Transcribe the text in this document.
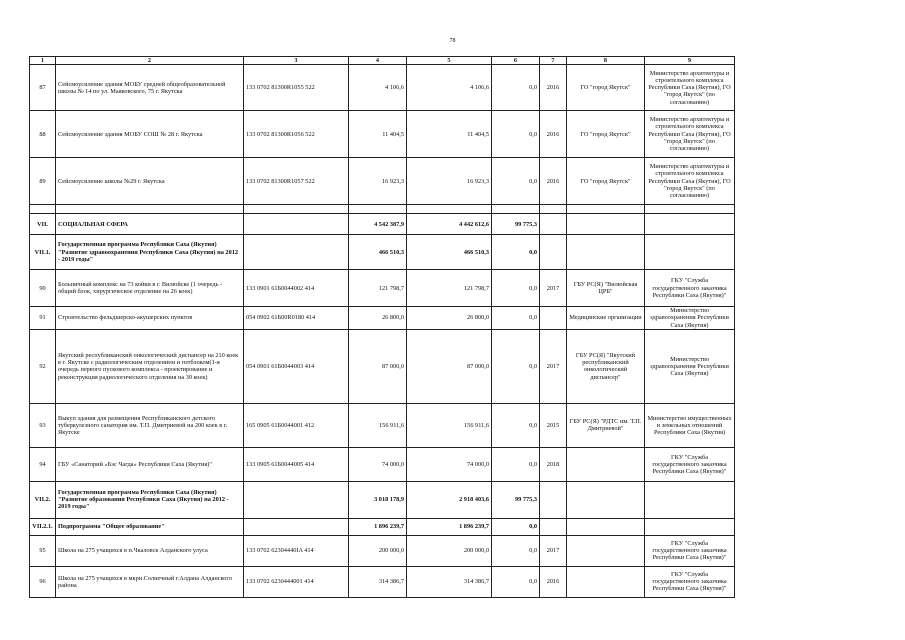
78
1	2	3	4	5	6	7	8	9
87	Сейсмоусиление здания МОБУ средней общеобразовательной школы № 14 по ул. Маяковского, 75 г. Якутска	133 0702 81300R1055 522	4 106,6	4 106,6	0,0	2016	ГО "город Якутск"	Министерство архитектуры и строительного комплекса Республики Саха (Якутия), ГО "город Якутск" (по согласованию)
88	Сейсмоусиление здания МОБУ СОШ № 28 г. Якутска	133 0702 81300R1056 522	11 404,5	11 404,5	0,0	2016	ГО "город Якутск"	Министерство архитектуры и строительного комплекса Республики Саха (Якутия), ГО "город Якутск" (по согласованию)
89	Сейсмоусиление школы №29 г. Якутска	133 0702 81300R1057 522	16 923,3	16 923,3	0,0	2016	ГО "город Якутск"	Министерство архитектуры и строительного комплекса Республики Саха (Якутия), ГО "город Якутск" (по согласованию)

VII.	СОЦИАЛЬНАЯ СФЕРА		4 542 387,9	4 442 612,6	99 775,3			
VII.1.	Государственная программа Республики Саха (Якутия) "Развитие здравоохранения Республики Саха (Якутия) на 2012 - 2019 годы"		466 510,3	466 510,3	0,0			
90	Больничный комплекс на 73 койки в г. Вилюйске (1 очередь - общий блок, хирургическое отделение на 26 коек)	133 0901 61Б0044002 414	121 798,7	121 798,7	0,0	2017	ГБУ РС(Я) "Вилюйская ЦРБ"	ГКУ "Служба государственного заказчика Республики Саха (Якутия)"
91	Строительство фельдшерско-акушерских пунктов	054 0902 61Б00R0180 414	26 800,0	26 800,0	0,0		Медицинские организации	Министерство здравоохранения Республики Саха (Якутия)
92	Якутский республиканский онкологический диспансер на 210 коек в г. Якутске с радиологическим отделением и пэтблоком(1-я очередь первого пускового комплекса - проектирование и реконструкция радиологического отделения на 30 коек)	054 0901 61Б0044003 414	87 000,0	87 000,0	0,0	2017	ГБУ РС(Я) "Якутский республиканский онкологический диспансер"	Министерство здравоохранения Республики Саха (Якутия)
93	Выкуп здания для размещения Республиканского детского туберкулезного санатория им. Т.П. Дмитриевой на 200 коек в г. Якутске	165 0905 61Б0044001 412	156 911,6	156 911,6	0,0	2015	ГБУ РС(Я) "РДТС им. Т.П. Дмитриевой"	Министерство имущественных и земельных отношений Республики Саха (Якутия)
94	ГБУ «Санаторий «Бэс Чагда» Республики Саха (Якутия)"	133 0905 61Б0044005 414	74 000,0	74 000,0	0,0	2018		ГКУ "Служба государственного заказчика Республики Саха (Якутия)"
VII.2.	Государственная программа Республики Саха (Якутия) "Развитие образования Республики Саха (Якутия) на 2012 - 2019 годы"		3 018 178,9	2 918 403,6	99 775,3			
VII.2.1.	Подпрограмма "Общее образование"		1 896 239,7	1 896 239,7	0,0			
95	Школа на 275 учащихся в п.Чкаловск Алданского улуса	133 0702 62304440IA 414	200 000,0	200 000,0	0,0	2017		ГКУ "Служба государственного заказчика Республики Саха (Якутия)"
96	Школа на 275 учащихся в мкрн.Солнечный г.Алдана Алданского района	133 0702 6230444001 414	314 386,7	314 386,7	0,0	2016		ГКУ "Служба государственного заказчика Республики Саха (Якутия)"
